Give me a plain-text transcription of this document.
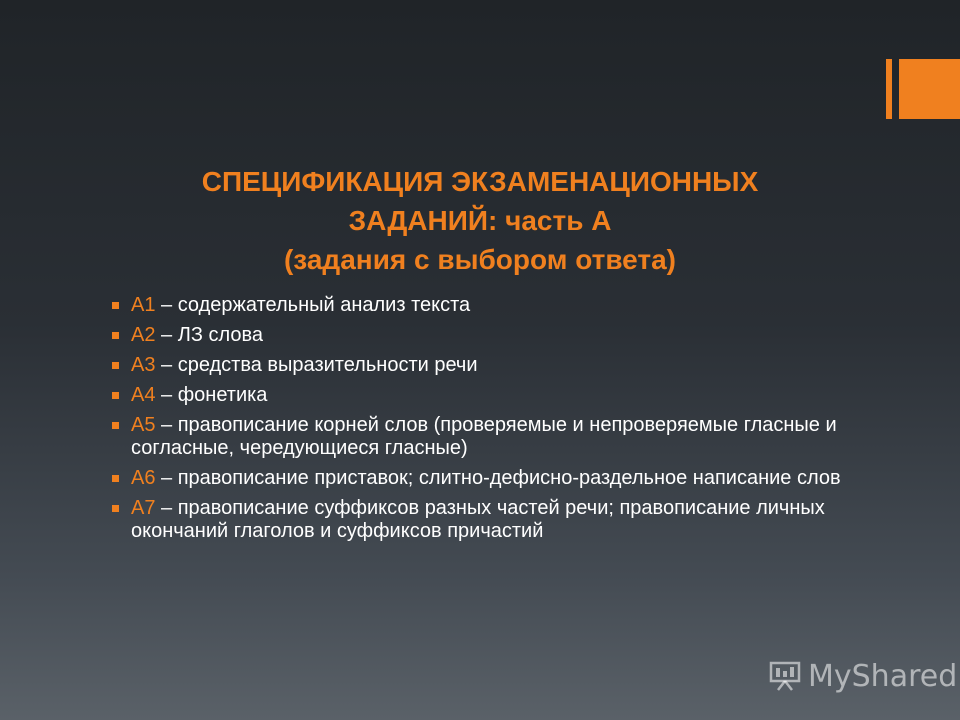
СПЕЦИФИКАЦИЯ ЭКЗАМЕНАЦИОННЫХ
ЗАДАНИЙ: часть А
(задания с выбором ответа)
А1 – содержательный анализ текста
А2 – ЛЗ слова
А3 – средства выразительности речи
А4 – фонетика
А5 – правописание корней слов (проверяемые и непроверяемые гласные и согласные, чередующиеся гласные)
А6 – правописание приставок; слитно-дефисно-раздельное написание слов
А7 – правописание суффиксов разных частей речи; правописание личных окончаний глаголов и суффиксов причастий
MyShared
